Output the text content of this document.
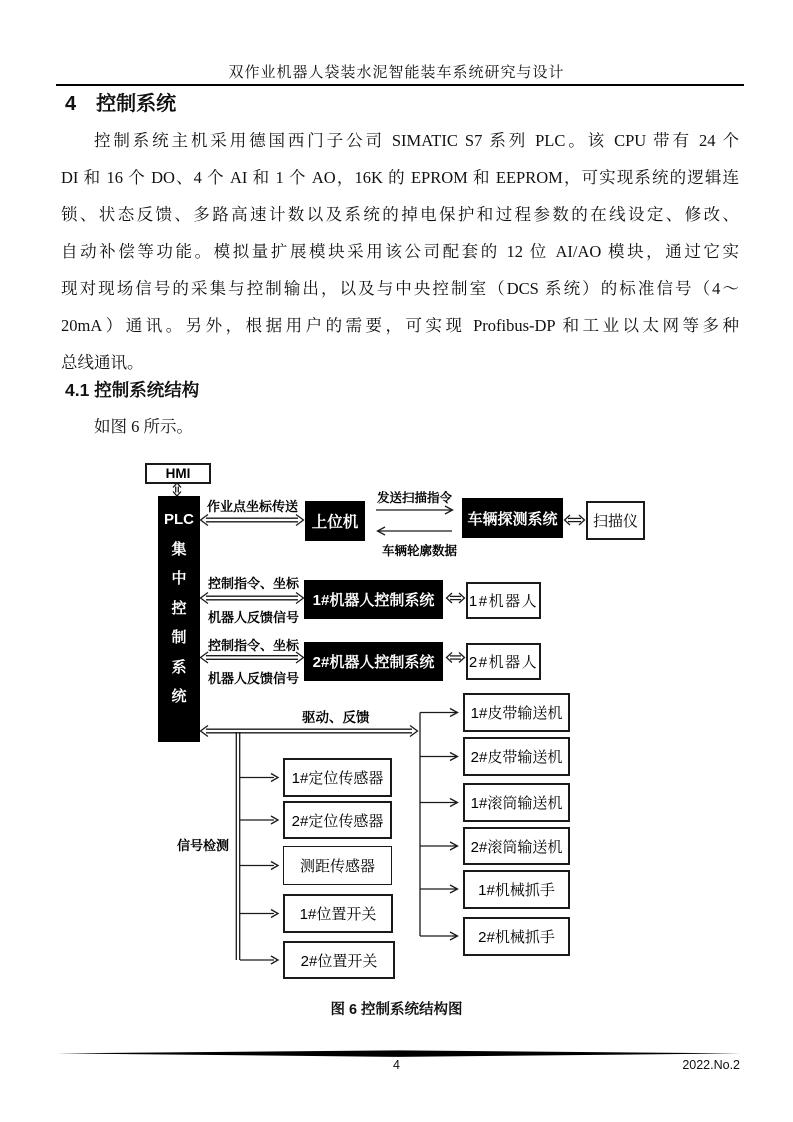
双作业机器人袋装水泥智能装车系统研究与设计
4　控制系统
控制系统主机采用德国西门子公司 SIMATIC S7 系列 PLC。该 CPU 带有 24 个
DI 和 16 个 DO、4 个 AI 和 1 个 AO，16K 的 EPROM 和 EEPROM，可实现系统的逻辑连
锁、状态反馈、多路高速计数以及系统的掉电保护和过程参数的在线设定、修改、
自动补偿等功能。模拟量扩展模块采用该公司配套的 12 位 AI/AO 模块，通过它实
现对现场信号的采集与控制输出，以及与中央控制室（DCS 系统）的标准信号（4～
20mA）通讯。另外，根据用户的需要，可实现 Profibus-DP 和工业以太网等多种
总线通讯。
4.1 控制系统结构
如图 6 所示。
HMI
PLC
集
中
控
制
系
统
上位机	车辆探测系统	扫描仪
1#机器人控制系统	1#机器人
2#机器人控制系统	2#机器人
1#皮带输送机
2#皮带输送机
1#滚筒输送机
2#滚筒输送机
1#机械抓手
2#机械抓手
1#定位传感器
2#定位传感器
测距传感器
1#位置开关
2#位置开关
作业点坐标传送
发送扫描指令
车辆轮廓数据
控制指令、坐标
机器人反馈信号
控制指令、坐标
机器人反馈信号
驱动、反馈
信号检测
图 6 控制系统结构图
4	2022.No.2
